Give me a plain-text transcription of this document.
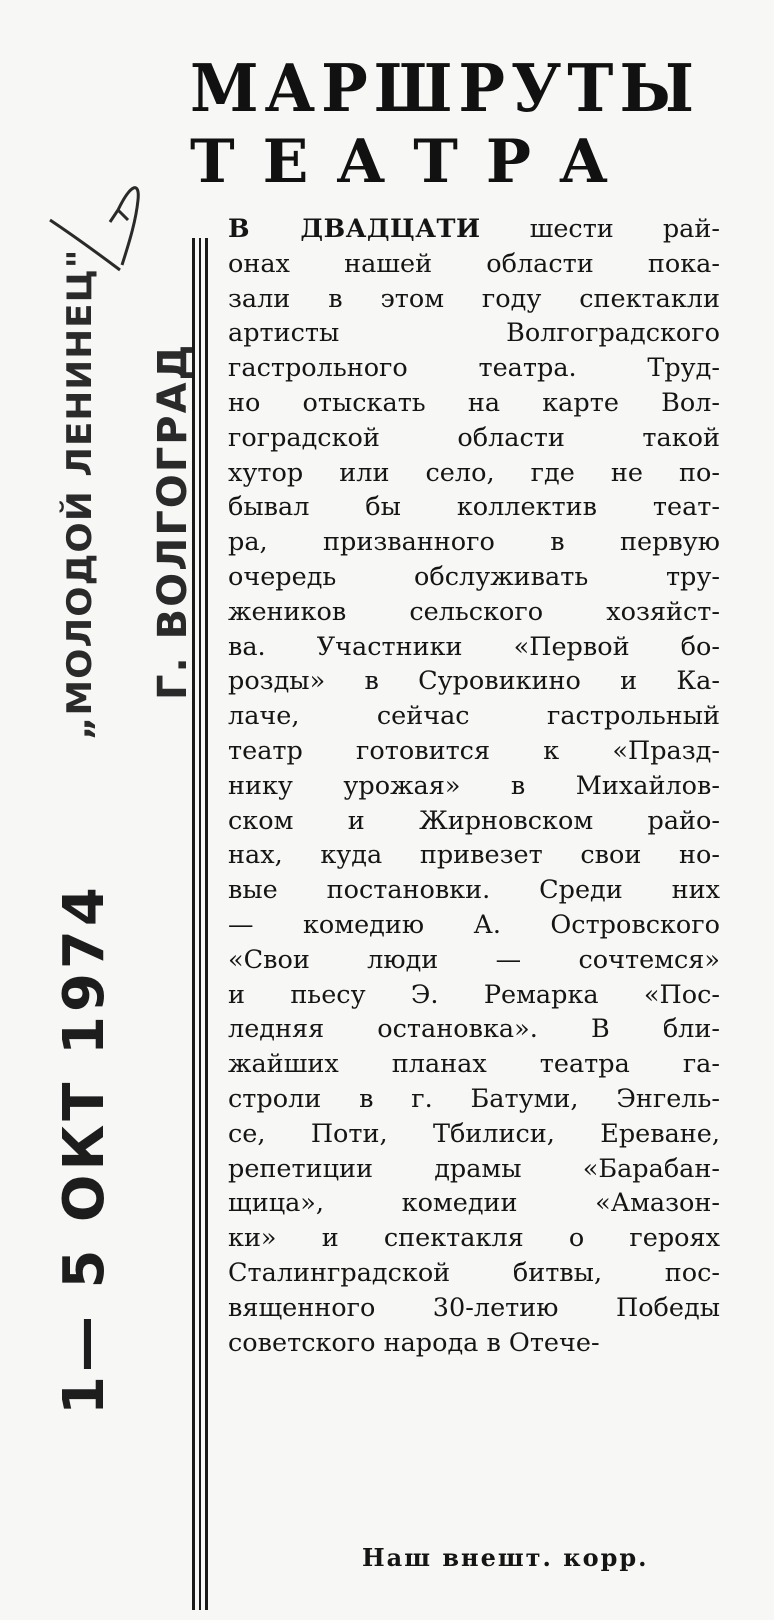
МАРШРУТЫ
ТЕАТРА
„МОЛОДОЙ ЛЕНИНЕЦ" Г. ВОЛГОГРАД
1— 5 ОКТ 1974
В ДВАДЦАТИ шести рай-
онах нашей области пока-
зали в этом году спектакли
артисты Волгоградского
гастрольного театра. Труд-
но отыскать на карте Вол-
гоградской области такой
хутор или село, где не по-
бывал бы коллектив теат-
ра, призванного в первую
очередь обслуживать тру-
жеников сельского хозяйст-
ва. Участники «Первой бо-
розды» в Суровикино и Ка-
лаче, сейчас гастрольный
театр готовится к «Празд-
нику урожая» в Михайлов-
ском и Жирновском райо-
нах, куда привезет свои но-
вые постановки. Среди них
— комедию А. Островского
«Свои люди — сочтемся»
и пьесу Э. Ремарка «Пос-
ледняя остановка». В бли-
жайших планах театра га-
строли в г. Батуми, Энгель-
се, Поти, Тбилиси, Ереване,
репетиции драмы «Барабан-
щица», комедии «Амазон-
ки» и спектакля о героях
Сталинградской битвы, пос-
вященного 30-летию Победы
советского народа в Отече-
Наш внешт. корр.
